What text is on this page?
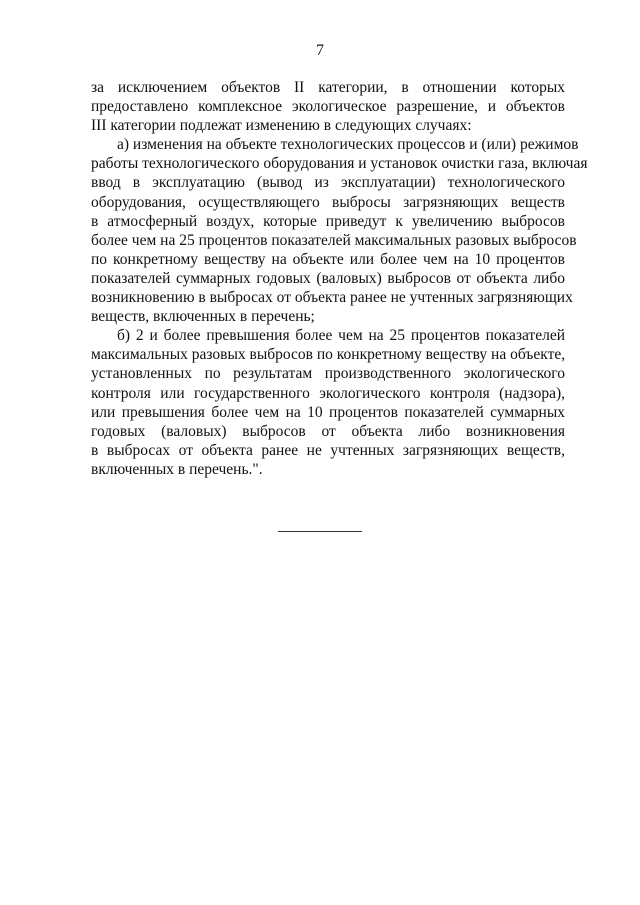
7
за исключением объектов II категории, в отношении которых
предоставлено комплексное экологическое разрешение, и объектов
III категории подлежат изменению в следующих случаях:
а) изменения на объекте технологических процессов и (или) режимов
работы технологического оборудования и установок очистки газа, включая
ввод в эксплуатацию (вывод из эксплуатации) технологического
оборудования, осуществляющего выбросы загрязняющих веществ
в атмосферный воздух, которые приведут к увеличению выбросов
более чем на 25 процентов показателей максимальных разовых выбросов
по конкретному веществу на объекте или более чем на 10 процентов
показателей суммарных годовых (валовых) выбросов от объекта либо
возникновению в выбросах от объекта ранее не учтенных загрязняющих
веществ, включенных в перечень;
б) 2 и более превышения более чем на 25 процентов показателей
максимальных разовых выбросов по конкретному веществу на объекте,
установленных по результатам производственного экологического
контроля или государственного экологического контроля (надзора),
или превышения более чем на 10 процентов показателей суммарных
годовых (валовых) выбросов от объекта либо возникновения
в выбросах от объекта ранее не учтенных загрязняющих веществ,
включенных в перечень.".
